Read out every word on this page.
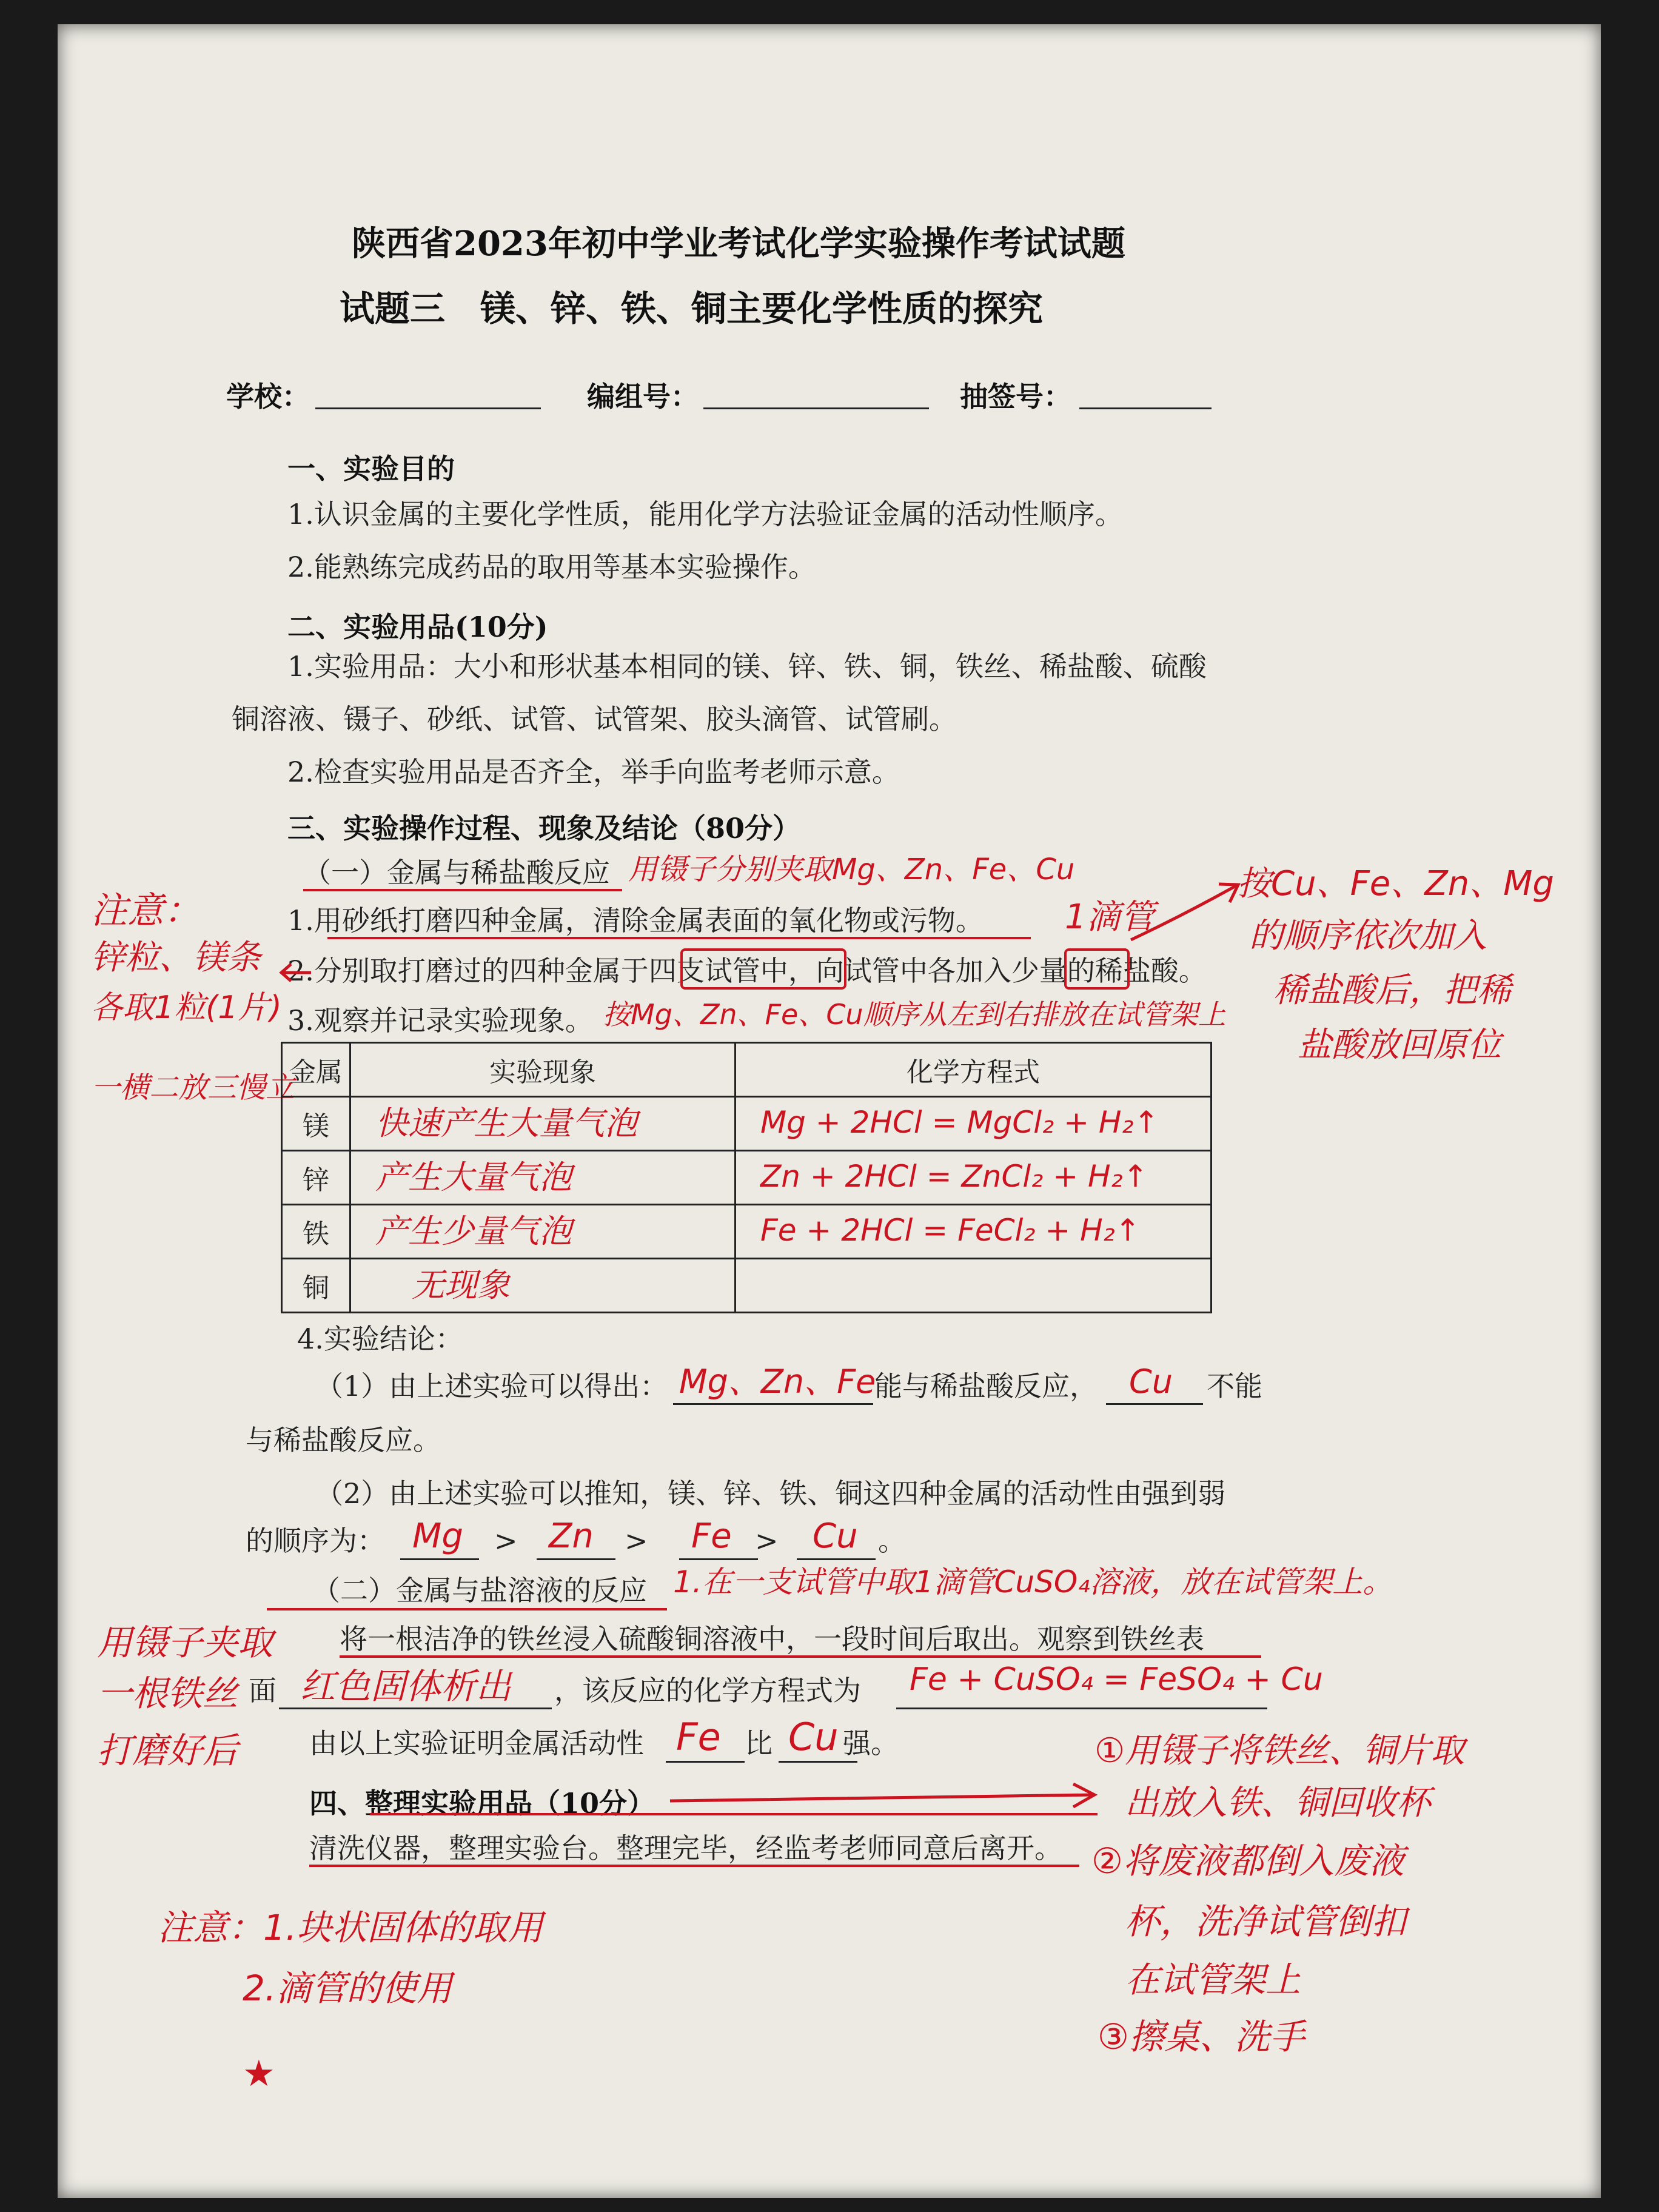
陕西省2023年初中学业考试化学实验操作考试试题
试题三　镁、锌、铁、铜主要化学性质的探究
学校：	编组号：	抽签号：
一、实验目的
1.认识金属的主要化学性质，能用化学方法验证金属的活动性顺序。
2.能熟练完成药品的取用等基本实验操作。
二、实验用品(10分)
1.实验用品：大小和形状基本相同的镁、锌、铁、铜，铁丝、稀盐酸、硫酸
铜溶液、镊子、砂纸、试管、试管架、胶头滴管、试管刷。
2.检查实验用品是否齐全，举手向监考老师示意。
三、实验操作过程、现象及结论（80分）
（一）金属与稀盐酸反应 用镊子分别夹取Mg、Zn、Fe、Cu
1.用砂纸打磨四种金属，清除金属表面的氧化物或污物。 1滴管
2.分别取打磨过的四种金属于四支试管中，向试管中各加入少量的稀盐酸。
3.观察并记录实验现象。 按Mg、Zn、Fe、Cu顺序从左到右排放在试管架上
注意：
锌粒、镁条
各取1粒(1片)
一横二放三慢立
按Cu、Fe、Zn、Mg
的顺序依次加入
稀盐酸后，把稀
盐酸放回原位
金属	实验现象	化学方程式
镁	快速产生大量气泡	Mg + 2HCl = MgCl₂ + H₂↑

锌	产生大量气泡	Zn + 2HCl = ZnCl₂ + H₂↑

铁	产生少量气泡	Fe + 2HCl = FeCl₂ + H₂↑

铜	无现象	

4.实验结论：
（1）由上述实验可以得出： Mg、Zn、Fe
能与稀盐酸反应， Cu 不能
与稀盐酸反应。
（2）由上述实验可以推知，镁、锌、铁、铜这四种金属的活动性由强到弱
的顺序为： Mg > Zn > Fe > Cu 。
（二）金属与盐溶液的反应 1.在一支试管中取1滴管CuSO₄溶液，放在试管架上。
将一根洁净的铁丝浸入硫酸铜溶液中，一段时间后取出。观察到铁丝表
用镊子夹取
一根铁丝
打磨好后
面 红色固体析出 ，该反应的化学方程式为 Fe + CuSO₄ = FeSO₄ + Cu
由以上实验证明金属活动性 Fe 比 Cu 强。
四、整理实验用品（10分）
清洗仪器，整理实验台。整理完毕，经监考老师同意后离开。
①用镊子将铁丝、铜片取
出放入铁、铜回收杯
②将废液都倒入废液
杯，洗净试管倒扣
在试管架上
③擦桌、洗手
注意：1.块状固体的取用
2.滴管的使用
★
